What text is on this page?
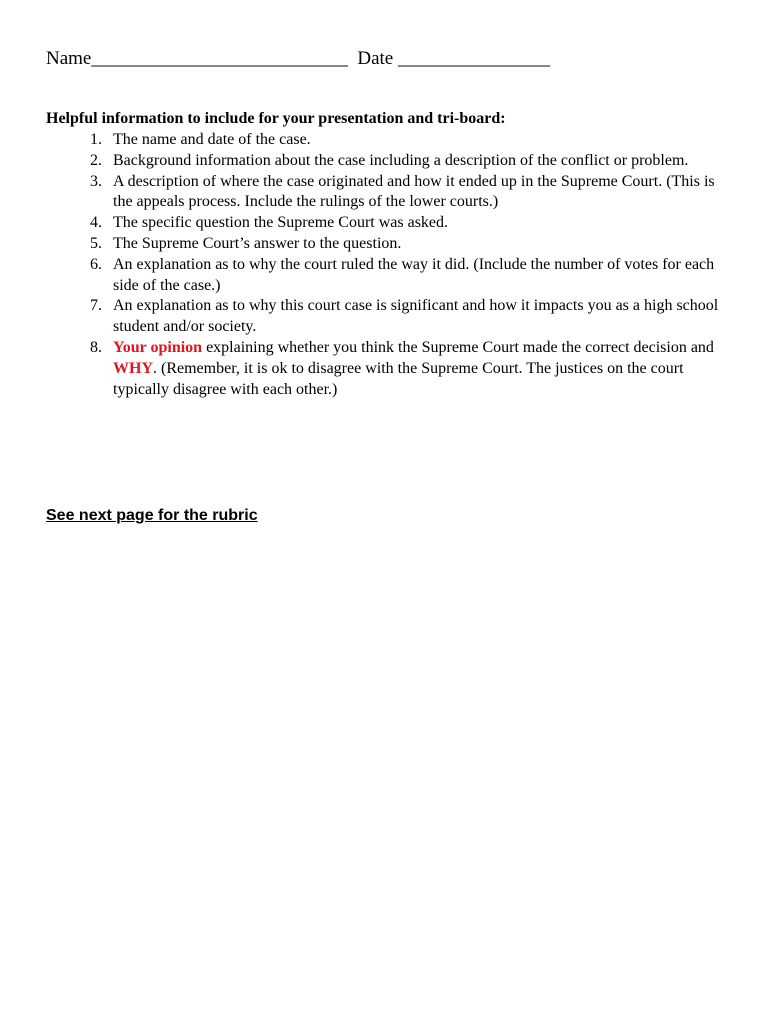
Name___________________________  Date ________________
Helpful information to include for your presentation and tri-board:
1. The name and date of the case.
2. Background information about the case including a description of the conflict or problem.
3. A description of where the case originated and how it ended up in the Supreme Court. (This is the appeals process. Include the rulings of the lower courts.)
4. The specific question the Supreme Court was asked.
5. The Supreme Court’s answer to the question.
6. An explanation as to why the court ruled the way it did. (Include the number of votes for each side of the case.)
7. An explanation as to why this court case is significant and how it impacts you as a high school student and/or society.
8. Your opinion explaining whether you think the Supreme Court made the correct decision and WHY. (Remember, it is ok to disagree with the Supreme Court. The justices on the court typically disagree with each other.)
See next page for the rubric
